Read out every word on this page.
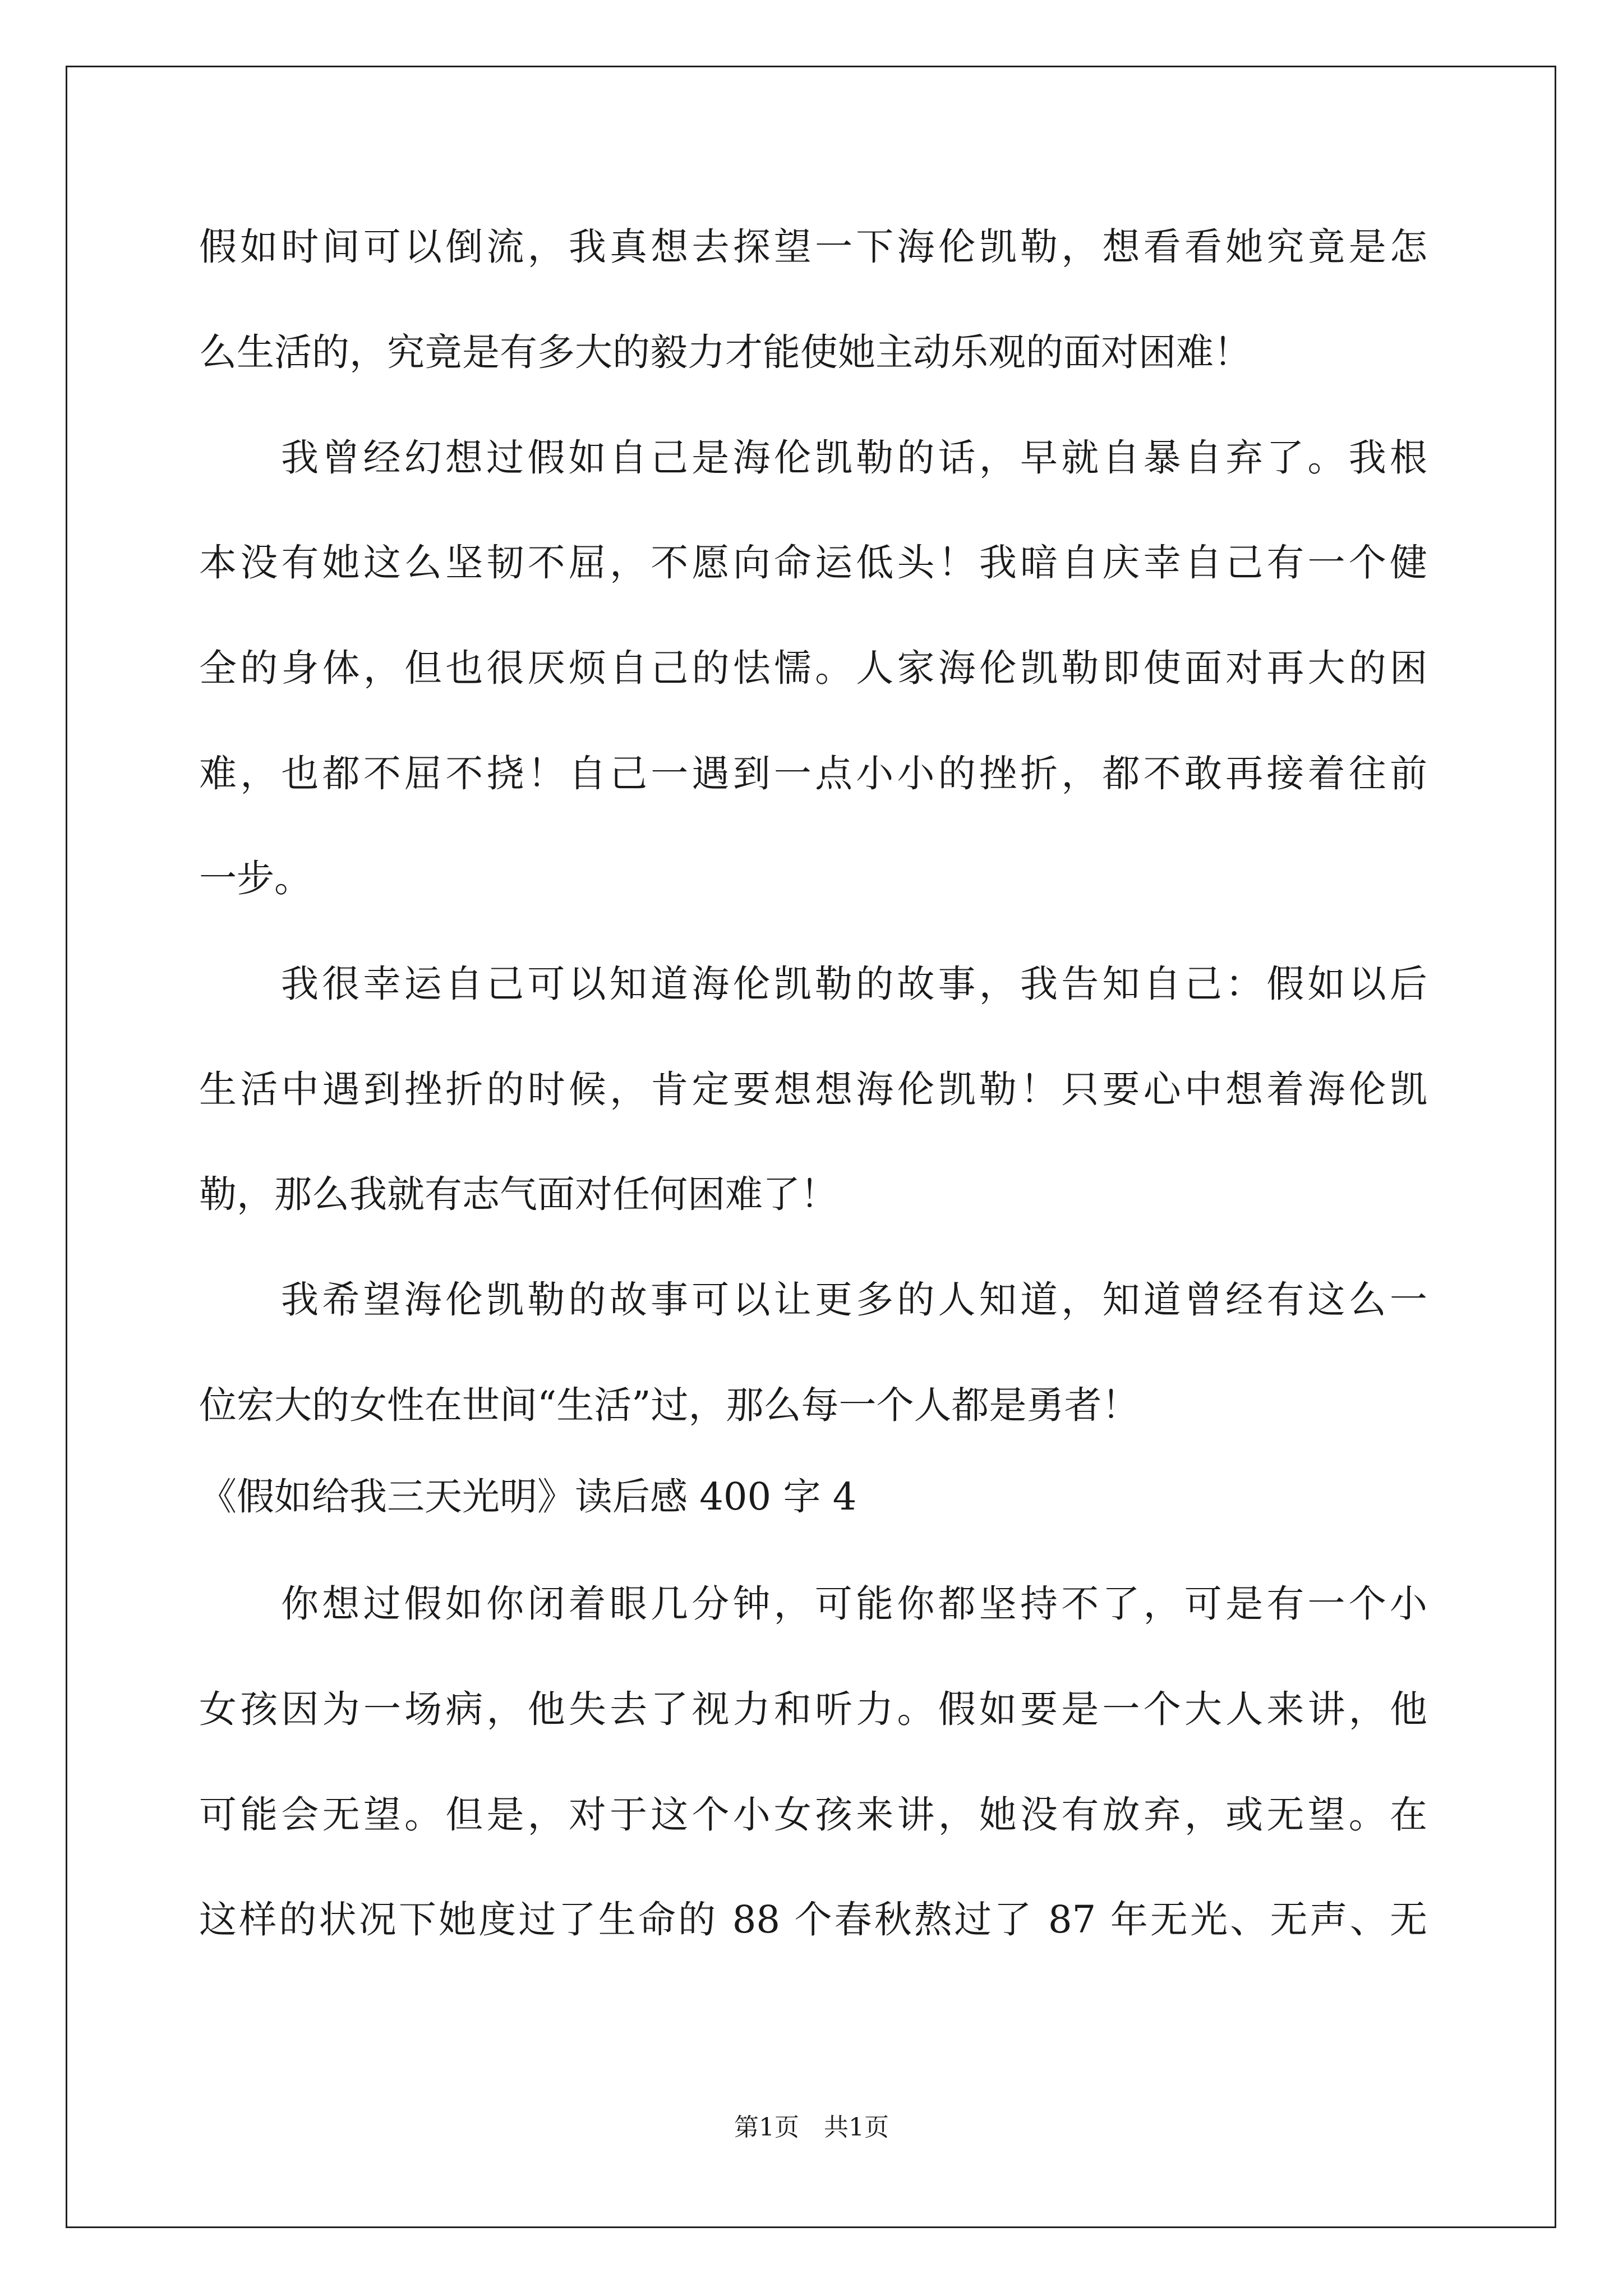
假如时间可以倒流，我真想去探望一下海伦凯勒，想看看她究竟是怎
么生活的，究竟是有多大的毅力才能使她主动乐观的面对困难！
我曾经幻想过假如自己是海伦凯勒的话，早就自暴自弃了。我根
本没有她这么坚韧不屈，不愿向命运低头！我暗自庆幸自己有一个健
全的身体，但也很厌烦自己的怯懦。人家海伦凯勒即使面对再大的困
难，也都不屈不挠！自己一遇到一点小小的挫折，都不敢再接着往前
一步。
我很幸运自己可以知道海伦凯勒的故事，我告知自己：假如以后
生活中遇到挫折的时候，肯定要想想海伦凯勒！只要心中想着海伦凯
勒，那么我就有志气面对任何困难了！
我希望海伦凯勒的故事可以让更多的人知道，知道曾经有这么一
位宏大的女性在世间“生活”过，那么每一个人都是勇者！
《假如给我三天光明》读后感 400 字 4
你想过假如你闭着眼几分钟，可能你都坚持不了，可是有一个小
女孩因为一场病，他失去了视力和听力。假如要是一个大人来讲，他
可能会无望。但是，对于这个小女孩来讲，她没有放弃，或无望。在
这样的状况下她度过了生命的 88 个春秋熬过了 87 年无光、无声、无
第1页　共1页
